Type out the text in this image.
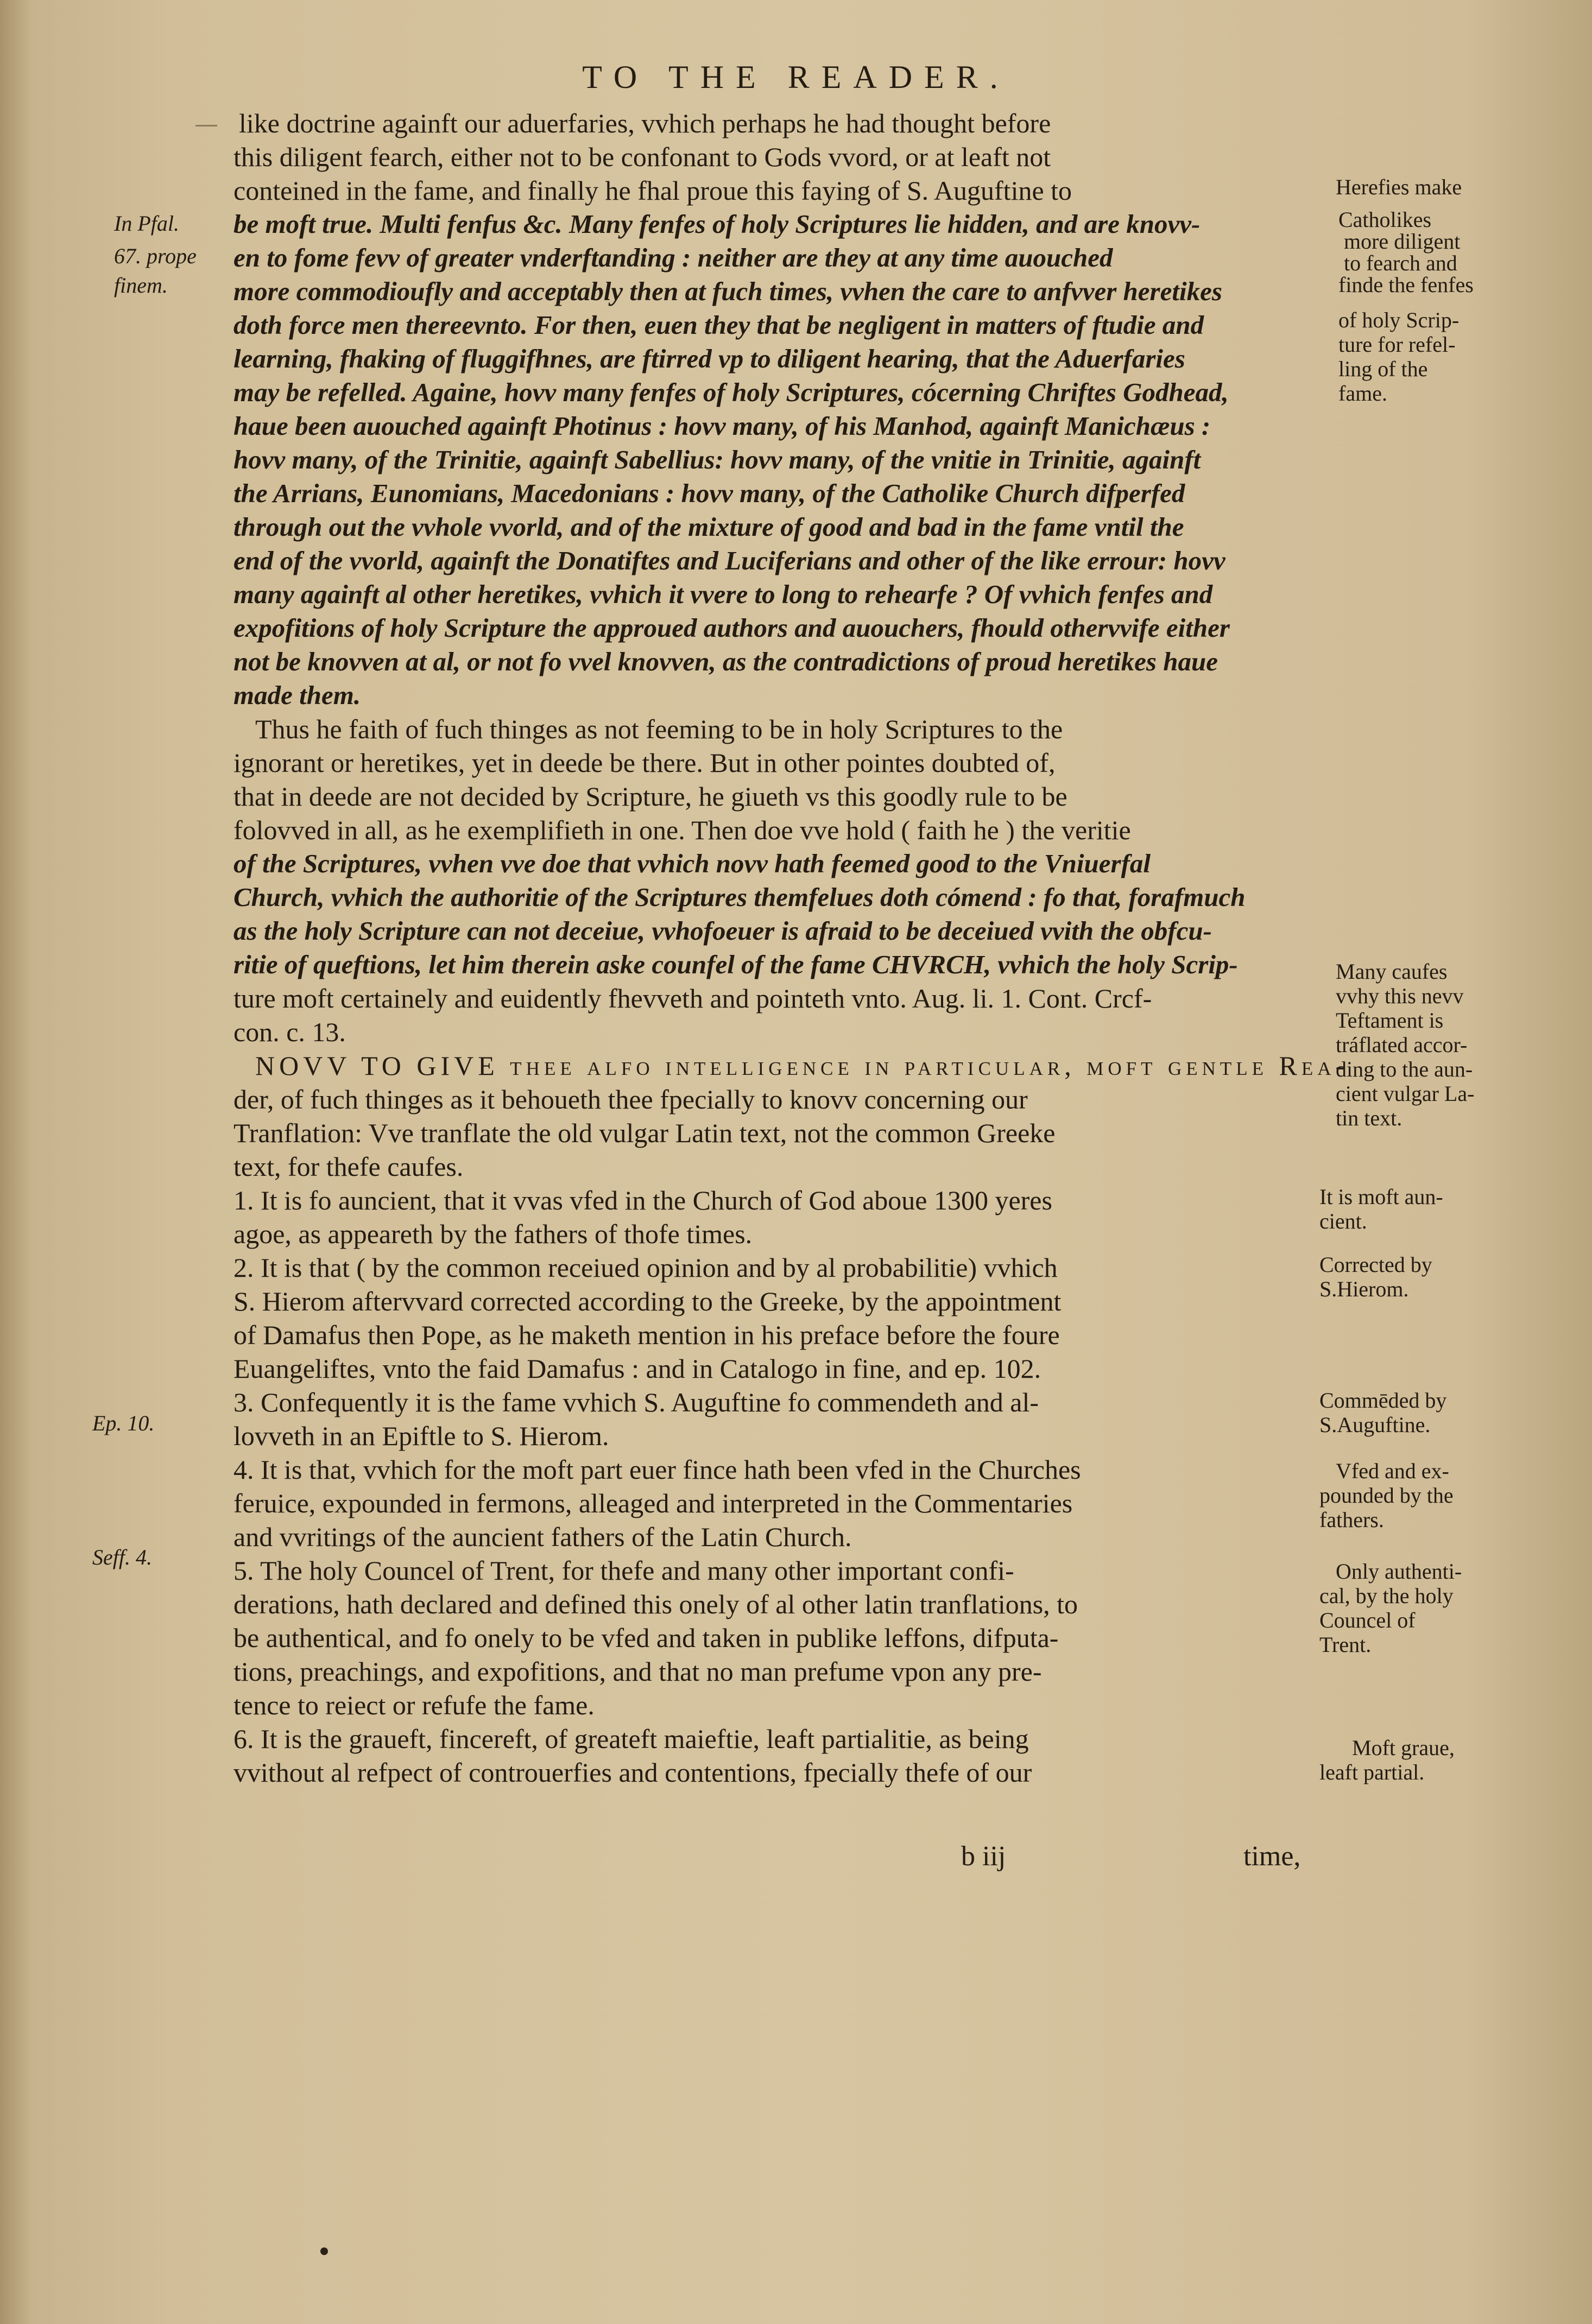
TO THE READER.

like doctrine againft our aduerfaries, vvhich perhaps he had thought before

this diligent fearch, either not to be confonant to Gods vvord, or at leaft not

conteined in the fame, and finally he fhal proue this faying of S. Auguftine to

be moft true. Multi fenfus &c. Many fenfes of holy Scriptures lie hidden, and are knovv-

en to fome fevv of greater vnderftanding : neither are they at any time auouched

more commodioufly and acceptably then at fuch times, vvhen the care to anfvver heretikes

doth force men thereevnto. For then, euen they that be negligent in matters of ftudie and

learning, fhaking of fluggifhnes, are ftirred vp to diligent hearing, that the Aduerfaries

may be refelled. Againe, hovv many fenfes of holy Scriptures, cócerning Chriftes Godhead,

haue been auouched againft Photinus : hovv many, of his Manhod, againft Manichæus :

hovv many, of the Trinitie, againft Sabellius: hovv many, of the vnitie in Trinitie, againft

the Arrians, Eunomians, Macedonians : hovv many, of the Catholike Church difperfed

through out the vvhole vvorld, and of the mixture of good and bad in the fame vntil the

end of the vvorld, againft the Donatiftes and Luciferians and other of the like errour: hovv

many againft al other heretikes, vvhich it vvere to long to rehearfe ? Of vvhich fenfes and

expofitions of holy Scripture the approued authors and auouchers, fhould othervvife either

not be knovven at al, or not fo vvel knovven, as the contradictions of proud heretikes haue

made them.

Thus he faith of fuch thinges as not feeming to be in holy Scriptures to the

ignorant or heretikes, yet in deede be there. But in other pointes doubted of,

that in deede are not decided by Scripture, he giueth vs this goodly rule to be

folovved in all, as he exemplifieth in one. Then doe vve hold ( faith he ) the veritie

of the Scriptures, vvhen vve doe that vvhich novv hath feemed good to the Vniuerfal

Church, vvhich the authoritie of the Scriptures themfelues doth cómend : fo that, forafmuch

as the holy Scripture can not deceiue, vvhofoeuer is afraid to be deceiued vvith the obfcu-

ritie of queftions, let him therein aske counfel of the fame CHVRCH, vvhich the holy Scrip-

ture moft certainely and euidently fhevveth and pointeth vnto. Aug. li. 1. Cont. Crcf-

con. c. 13.

NOVV TO GIVE thee alfo intelligence in particular, moft gentle Rea-

der, of fuch thinges as it behoueth thee fpecially to knovv concerning our

Tranflation: Vve tranflate the old vulgar Latin text, not the common Greeke

text, for thefe caufes.

1. It is fo auncient, that it vvas vfed in the Church of God aboue 1300 yeres

agoe, as appeareth by the fathers of thofe times.

2. It is that ( by the common receiued opinion and by al probabilitie) vvhich

S. Hierom aftervvard corrected according to the Greeke, by the appointment

of Damafus then Pope, as he maketh mention in his preface before the foure

Euangeliftes, vnto the faid Damafus : and in Catalogo in fine, and ep. 102.

3. Confequently it is the fame vvhich S. Auguftine fo commendeth and al-

lovveth in an Epiftle to S. Hierom.

4. It is that, vvhich for the moft part euer fince hath been vfed in the Churches

feruice, expounded in fermons, alleaged and interpreted in the Commentaries

and vvritings of the auncient fathers of the Latin Church.

5. The holy Councel of Trent, for thefe and many other important confi-

derations, hath declared and defined this onely of al other latin tranflations, to

be authentical, and fo onely to be vfed and taken in publike leffons, difputa-

tions, preachings, and expofitions, and that no man prefume vpon any pre-

tence to reiect or refufe the fame.

6. It is the graueft, fincereft, of greateft maieftie, leaft partialitie, as being

vvithout al refpect of controuerfies and contentions, fpecially thefe of our

Herefies make

Catholikes

more diligent

to fearch and

finde the fenfes

of holy Scrip-

ture for refel-

ling of the

fame.

Many caufes

vvhy this nevv

Teftament is

tráflated accor-

ding to the aun-

cient vulgar La-

tin text.

It is moft aun-

cient.

Corrected by

S.Hierom.

Commēded by

S.Auguftine.

Vfed and ex-

pounded by the

fathers.

Only authenti-

cal, by the holy

Councel of

Trent.

Moft graue,

leaft partial.

In Pfal.

67. prope

finem.

Ep. 10.

Seff. 4.

b iij	time,
